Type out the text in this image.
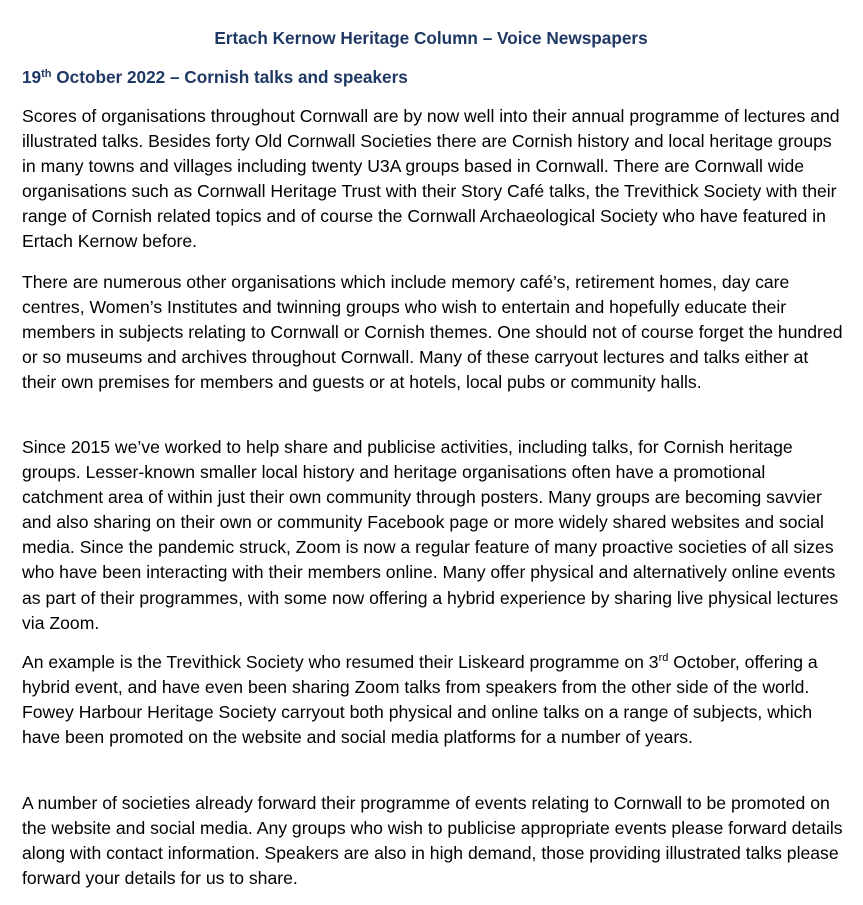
Ertach Kernow Heritage Column – Voice Newspapers
19th October 2022 – Cornish talks and speakers

Scores of organisations throughout Cornwall are by now well into their annual programme of lectures and illustrated talks. Besides forty Old Cornwall Societies there are Cornish history and local heritage groups in many towns and villages including twenty U3A groups based in Cornwall. There are Cornwall wide organisations such as Cornwall Heritage Trust with their Story Café talks, the Trevithick Society with their range of Cornish related topics and of course the Cornwall Archaeological Society who have featured in Ertach Kernow before.

There are numerous other organisations which include memory café’s, retirement homes, day care centres, Women’s Institutes and twinning groups who wish to entertain and hopefully educate their members in subjects relating to Cornwall or Cornish themes. One should not of course forget the hundred or so museums and archives throughout Cornwall. Many of these carryout lectures and talks either at their own premises for members and guests or at hotels, local pubs or community halls.

Since 2015 we’ve worked to help share and publicise activities, including talks, for Cornish heritage groups. Lesser-known smaller local history and heritage organisations often have a promotional catchment area of within just their own community through posters. Many groups are becoming savvier and also sharing on their own or community Facebook page or more widely shared websites and social media. Since the pandemic struck, Zoom is now a regular feature of many proactive societies of all sizes who have been interacting with their members online. Many offer physical and alternatively online events as part of their programmes, with some now offering a hybrid experience by sharing live physical lectures via Zoom.

An example is the Trevithick Society who resumed their Liskeard programme on 3rd October, offering a hybrid event, and have even been sharing Zoom talks from speakers from the other side of the world. Fowey Harbour Heritage Society carryout both physical and online talks on a range of subjects, which have been promoted on the website and social media platforms for a number of years.

A number of societies already forward their programme of events relating to Cornwall to be promoted on the website and social media. Any groups who wish to publicise appropriate events please forward details along with contact information. Speakers are also in high demand, those providing illustrated talks please forward your details for us to share.
